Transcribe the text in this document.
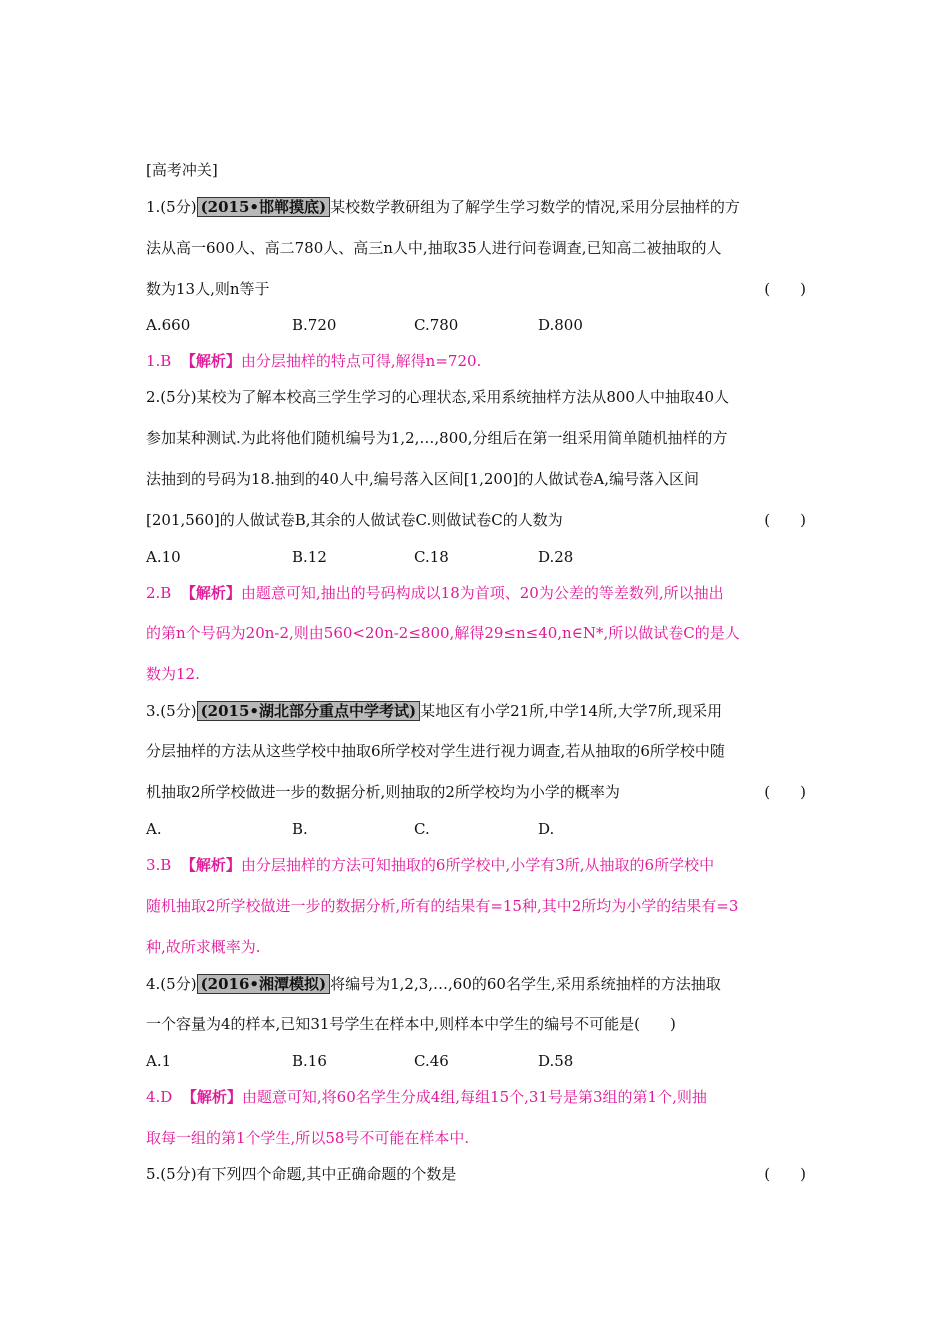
[高考冲关]
1.(5分) (2015•邯郸摸底) 某校数学教研组为了解学生学习数学的情况,采用分层抽样的方
法从高一600人、高二780人、高三n人中,抽取35人进行问卷调查,已知高二被抽取的人
数为13人,则n等于	(　　)
A.660	B.720	C.780	D.800
1.B 【解析】由分层抽样的特点可得,解得n=720.
2.(5分)某校为了解本校高三学生学习的心理状态,采用系统抽样方法从800人中抽取40人
参加某种测试.为此将他们随机编号为1,2,…,800,分组后在第一组采用简单随机抽样的方
法抽到的号码为18.抽到的40人中,编号落入区间[1,200]的人做试卷A,编号落入区间
[201,560]的人做试卷B,其余的人做试卷C.则做试卷C的人数为	(　　)
A.10	B.12	C.18	D.28
2.B 【解析】由题意可知,抽出的号码构成以18为首项、20为公差的等差数列,所以抽出
的第n个号码为20n-2,则由560<20n-2≤800,解得29≤n≤40,n∈N*,所以做试卷C的是人
数为12.
3.(5分) (2015•湖北部分重点中学考试) 某地区有小学21所,中学14所,大学7所,现采用
分层抽样的方法从这些学校中抽取6所学校对学生进行视力调查,若从抽取的6所学校中随
机抽取2所学校做进一步的数据分析,则抽取的2所学校均为小学的概率为	(　　)
A.	B.	C.	D.
3.B 【解析】由分层抽样的方法可知抽取的6所学校中,小学有3所,从抽取的6所学校中
随机抽取2所学校做进一步的数据分析,所有的结果有=15种,其中2所均为小学的结果有=3
种,故所求概率为.
4.(5分) (2016•湘潭模拟) 将编号为1,2,3,…,60的60名学生,采用系统抽样的方法抽取
一个容量为4的样本,已知31号学生在样本中,则样本中学生的编号不可能是(　　)
A.1	B.16	C.46	D.58
4.D 【解析】由题意可知,将60名学生分成4组,每组15个,31号是第3组的第1个,则抽
取每一组的第1个学生,所以58号不可能在样本中.
5.(5分)有下列四个命题,其中正确命题的个数是	(　　)
